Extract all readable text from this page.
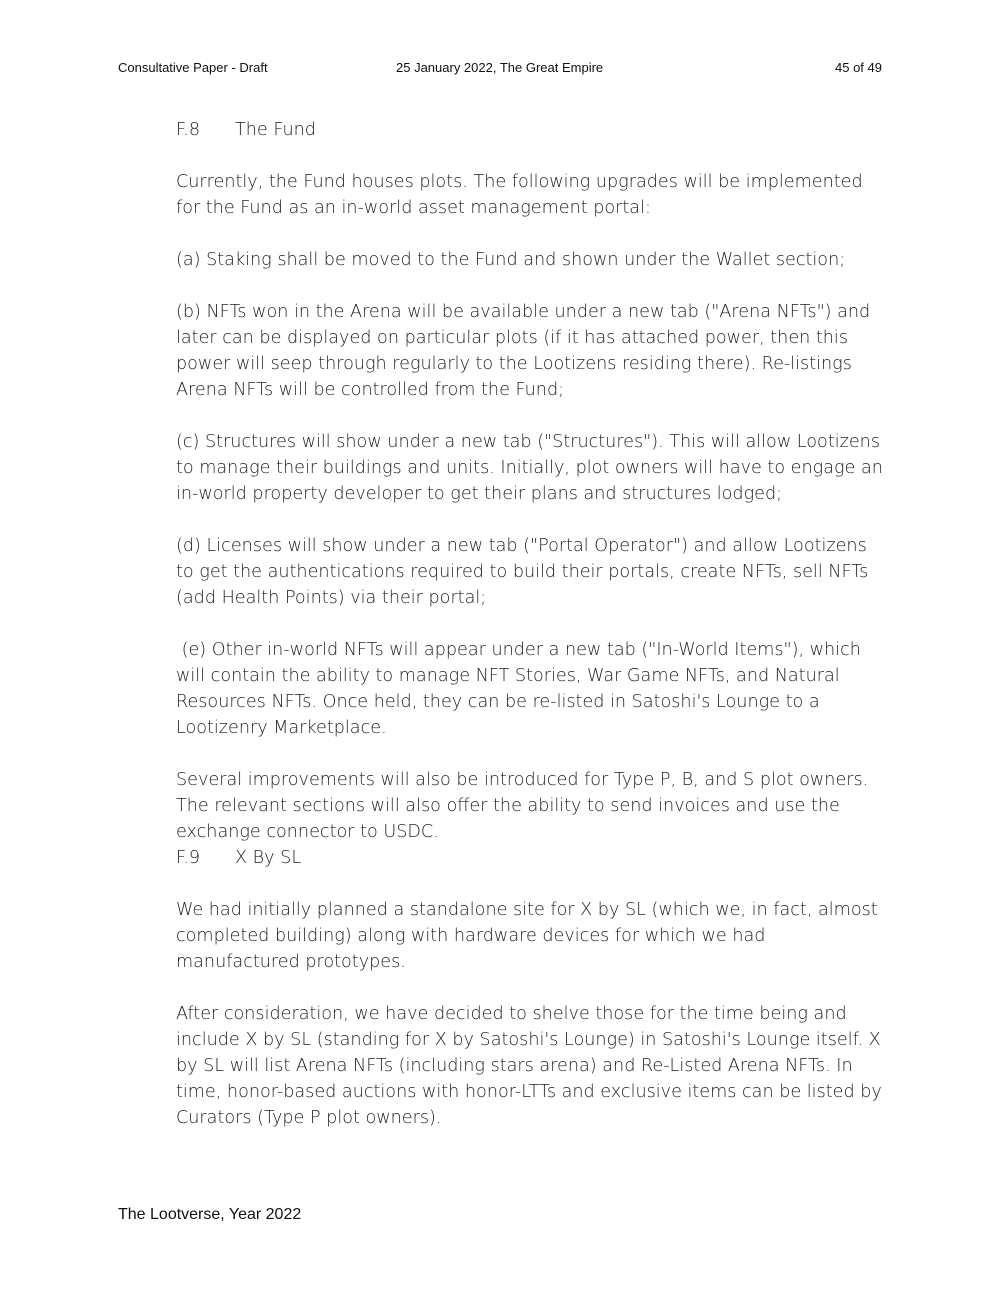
Consultative Paper - Draft	25 January 2022, The Great Empire	45 of 49
F.8 The Fund

Currently, the Fund houses plots. The following upgrades will be implemented for the Fund as an in-world asset management portal:

(a) Staking shall be moved to the Fund and shown under the Wallet section;

(b) NFTs won in the Arena will be available under a new tab ("Arena NFTs") and later can be displayed on particular plots (if it has attached power, then this power will seep through regularly to the Lootizens residing there). Re-listings Arena NFTs will be controlled from the Fund;

(c) Structures will show under a new tab ("Structures"). This will allow Lootizens to manage their buildings and units. Initially, plot owners will have to engage an in-world property developer to get their plans and structures lodged;

(d) Licenses will show under a new tab ("Portal Operator") and allow Lootizens to get the authentications required to build their portals, create NFTs, sell NFTs (add Health Points) via their portal;

(e) Other in-world NFTs will appear under a new tab ("In-World Items"), which will contain the ability to manage NFT Stories, War Game NFTs, and Natural Resources NFTs. Once held, they can be re-listed in Satoshi's Lounge to a Lootizenry Marketplace.

Several improvements will also be introduced for Type P, B, and S plot owners. The relevant sections will also offer the ability to send invoices and use the exchange connector to USDC.

F.9 X By SL

We had initially planned a standalone site for X by SL (which we, in fact, almost completed building) along with hardware devices for which we had manufactured prototypes.

After consideration, we have decided to shelve those for the time being and include X by SL (standing for X by Satoshi's Lounge) in Satoshi's Lounge itself. X by SL will list Arena NFTs (including stars arena) and Re-Listed Arena NFTs. In time, honor-based auctions with honor-LTTs and exclusive items can be listed by Curators (Type P plot owners).

The Lootverse, Year 2022
